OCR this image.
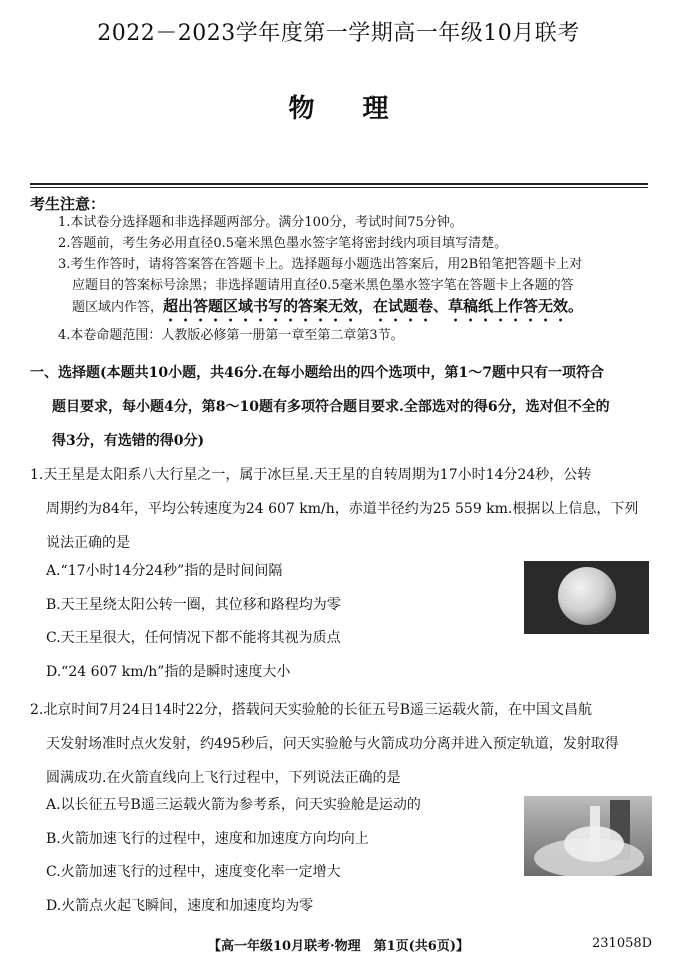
2022－2023学年度第一学期高一年级10月联考
物理
考生注意：
1.本试卷分选择题和非选择题两部分。满分100分，考试时间75分钟。
2.答题前，考生务必用直径0.5毫米黑色墨水签字笔将密封线内项目填写清楚。
3.考生作答时，请将答案答在答题卡上。选择题每小题选出答案后，用2B铅笔把答题卡上对
应题目的答案标号涂黑；非选择题请用直径0.5毫米黑色墨水签字笔在答题卡上各题的答
题区域内作答，超出答题区域书写的答案无效，在试题卷、草稿纸上作答无效。
4.本卷命题范围：人教版必修第一册第一章至第二章第3节。
一、选择题(本题共10小题，共46分.在每小题给出的四个选项中，第1～7题中只有一项符合
题目要求，每小题4分，第8～10题有多项符合题目要求.全部选对的得6分，选对但不全的
得3分，有选错的得0分)
1.天王星是太阳系八大行星之一，属于冰巨星.天王星的自转周期为17小时14分24秒，公转
周期约为84年，平均公转速度为24 607 km/h，赤道半径约为25 559 km.根据以上信息，下列
说法正确的是
A.“17小时14分24秒”指的是时间间隔
B.天王星绕太阳公转一圈，其位移和路程均为零
C.天王星很大，任何情况下都不能将其视为质点
D.“24 607 km/h”指的是瞬时速度大小
2.北京时间7月24日14时22分，搭载问天实验舱的长征五号B遥三运载火箭，在中国文昌航
天发射场准时点火发射，约495秒后，问天实验舱与火箭成功分离并进入预定轨道，发射取得
圆满成功.在火箭直线向上飞行过程中，下列说法正确的是
A.以长征五号B遥三运载火箭为参考系，问天实验舱是运动的
B.火箭加速飞行的过程中，速度和加速度方向均向上
C.火箭加速飞行的过程中，速度变化率一定增大
D.火箭点火起飞瞬间，速度和加速度均为零
【高一年级10月联考·物理　第1页(共6页)】	231058D
